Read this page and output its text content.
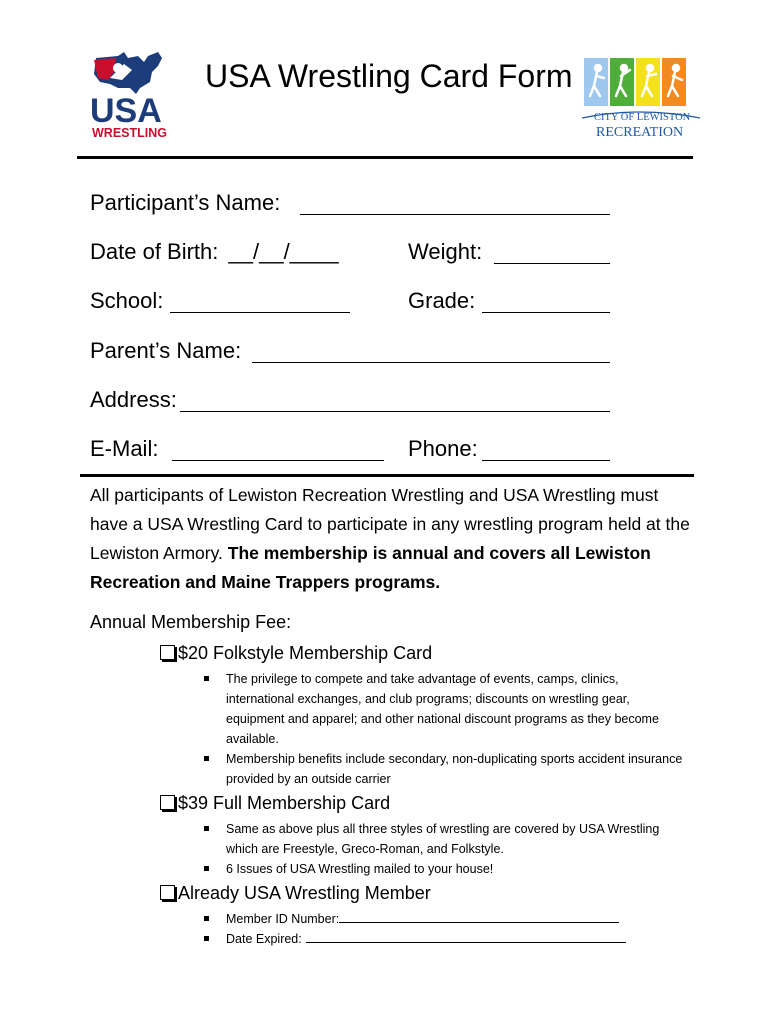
USA
WRESTLING
USA Wrestling Card Form
CITY OF LEWISTON
RECREATION
Participant’s Name:
Date of Birth: __/__/____	Weight:
School:	Grade:
Parent’s Name:
Address:
E-Mail:	Phone:
All participants of Lewiston Recreation Wrestling and USA Wrestling must have a USA Wrestling Card to participate in any wrestling program held at the Lewiston Armory. The membership is annual and covers all Lewiston Recreation and Maine Trappers programs.
Annual Membership Fee:
$20 Folkstyle Membership Card
The privilege to compete and take advantage of events, camps, clinics, international exchanges, and club programs; discounts on wrestling gear, equipment and apparel; and other national discount programs as they become available.
Membership benefits include secondary, non-duplicating sports accident insurance provided by an outside carrier
$39 Full Membership Card
Same as above plus all three styles of wrestling are covered by USA Wrestling which are Freestyle, Greco-Roman, and Folkstyle.
6 Issues of USA Wrestling mailed to your house!
Already USA Wrestling Member
Member ID Number:
Date Expired:
